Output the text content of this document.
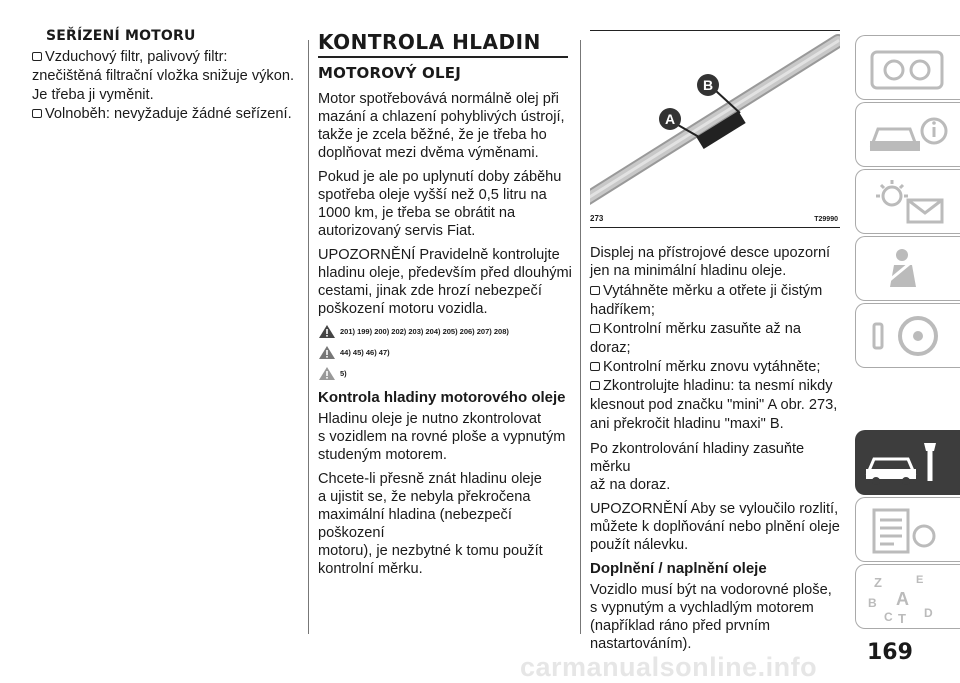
SEŘÍZENÍ MOTORU

Vzduchový filtr, palivový filtr:

znečištěná filtrační vložka snižuje výkon.

Je třeba ji vyměnit.

Volnoběh: nevyžaduje žádné seřízení.

KONTROLA HLADIN
MOTOROVÝ OLEJ

Motor spotřebovává normálně olej při

mazání a chlazení pohyblivých ústrojí,

takže je zcela běžné, že je třeba ho

doplňovat mezi dvěma výměnami.

Pokud je ale po uplynutí doby záběhu

spotřeba oleje vyšší než 0,5 litru na

1000 km, je třeba se obrátit na

autorizovaný servis Fiat.

UPOZORNĚNÍ Pravidelně kontrolujte

hladinu oleje, především před dlouhými

cestami, jinak zde hrozí nebezpečí

poškození motoru vozidla.

201) 199) 200) 202) 203) 204) 205) 206) 207) 208)
44) 45) 46) 47)
5)

Kontrola hladiny motorového oleje

Hladinu oleje je nutno zkontrolovat

s vozidlem na rovné ploše a vypnutým

studeným motorem.

Chcete-li přesně znát hladinu oleje

a ujistit se, že nebyla překročena

maximální hladina (nebezpečí poškození

motoru), je nezbytné k tomu použít

kontrolní měrku.

A
B
273	T29990

Displej na přístrojové desce upozorní

jen na minimální hladinu oleje.

Vytáhněte měrku a otřete ji čistým

hadříkem;

Kontrolní měrku zasuňte až na doraz;

Kontrolní měrku znovu vytáhněte;

Zkontrolujte hladinu: ta nesmí nikdy

klesnout pod značku "mini" A obr. 273,

ani překročit hladinu "maxi" B.

Po zkontrolování hladiny zasuňte měrku

až na doraz.

UPOZORNĚNÍ Aby se vyloučilo rozlití,

můžete k doplňování nebo plnění oleje

použít nálevku.

Doplnění / naplnění oleje

Vozidlo musí být na vodorovné ploše,

s vypnutým a vychladlým motorem

(například ráno před prvním

nastartováním).

Z	E
B A
C T D
169
carmanualsonline.info
